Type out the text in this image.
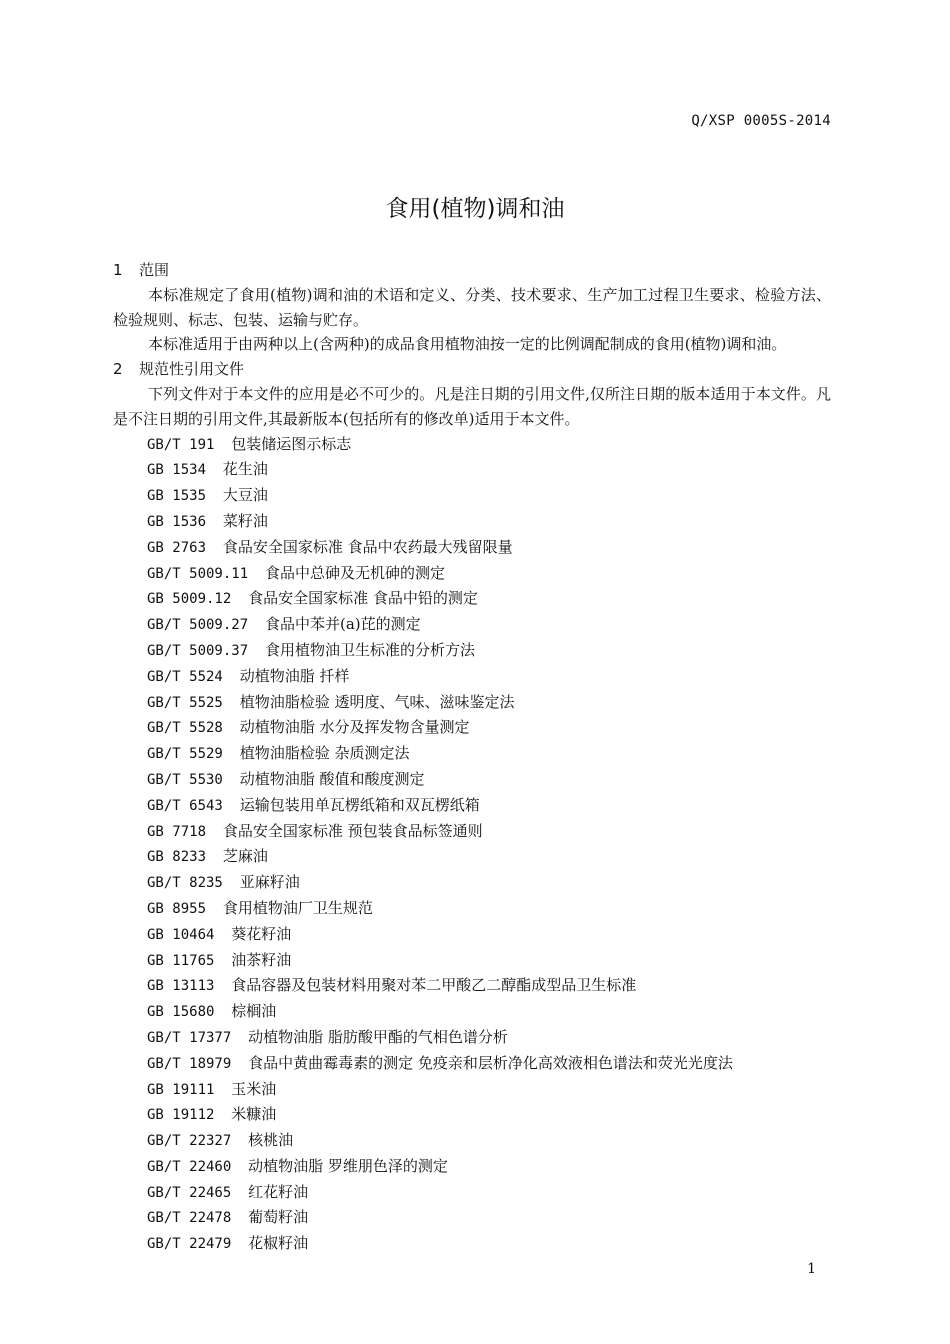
Q/XSP 0005S-2014
食用(植物)调和油
1 范围
本标准规定了食用(植物)调和油的术语和定义、分类、技术要求、生产加工过程卫生要求、检验方法、检验规则、标志、包装、运输与贮存。
本标准适用于由两种以上(含两种)的成品食用植物油按一定的比例调配制成的食用(植物)调和油。
2 规范性引用文件
下列文件对于本文件的应用是必不可少的。凡是注日期的引用文件,仅所注日期的版本适用于本文件。凡是不注日期的引用文件,其最新版本(包括所有的修改单)适用于本文件。
GB/T 191 包装储运图示标志
GB 1534 花生油
GB 1535 大豆油
GB 1536 菜籽油
GB 2763 食品安全国家标准 食品中农药最大残留限量
GB/T 5009.11 食品中总砷及无机砷的测定
GB 5009.12 食品安全国家标准 食品中铅的测定
GB/T 5009.27 食品中苯并(a)芘的测定
GB/T 5009.37 食用植物油卫生标准的分析方法
GB/T 5524 动植物油脂 扦样
GB/T 5525 植物油脂检验 透明度、气味、滋味鉴定法
GB/T 5528 动植物油脂 水分及挥发物含量测定
GB/T 5529 植物油脂检验 杂质测定法
GB/T 5530 动植物油脂 酸值和酸度测定
GB/T 6543 运输包装用单瓦楞纸箱和双瓦楞纸箱
GB 7718 食品安全国家标准 预包装食品标签通则
GB 8233 芝麻油
GB/T 8235 亚麻籽油
GB 8955 食用植物油厂卫生规范
GB 10464 葵花籽油
GB 11765 油茶籽油
GB 13113 食品容器及包装材料用聚对苯二甲酸乙二醇酯成型品卫生标准
GB 15680 棕榈油
GB/T 17377 动植物油脂 脂肪酸甲酯的气相色谱分析
GB/T 18979 食品中黄曲霉毒素的测定 免疫亲和层析净化高效液相色谱法和荧光光度法
GB 19111 玉米油
GB 19112 米糠油
GB/T 22327 核桃油
GB/T 22460 动植物油脂 罗维朋色泽的测定
GB/T 22465 红花籽油
GB/T 22478 葡萄籽油
GB/T 22479 花椒籽油
1
